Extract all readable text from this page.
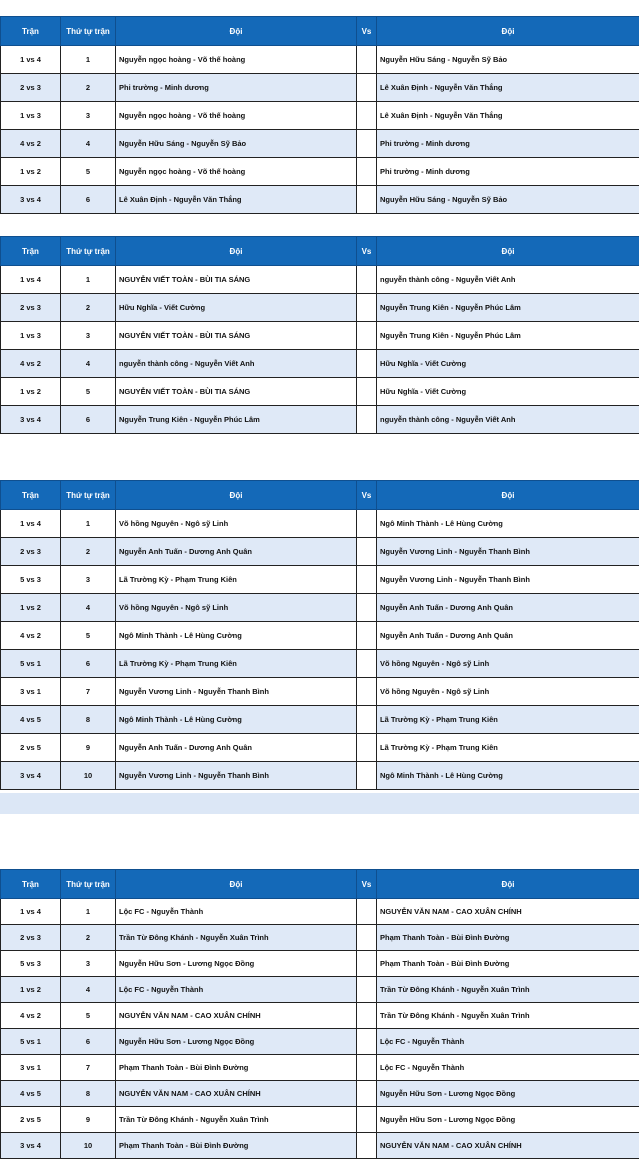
Trận	Thứ tự trận	Đội	Vs	Đội
1 vs 4	1	Nguyễn ngọc hoàng - Võ thế hoàng		Nguyễn Hữu Sáng - Nguyễn Sỹ Bảo
2 vs 3	2	Phi trường - Minh dương		Lê Xuân Định - Nguyễn Văn Thắng
1 vs 3	3	Nguyễn ngọc hoàng - Võ thế hoàng		Lê Xuân Định - Nguyễn Văn Thắng
4 vs 2	4	Nguyễn Hữu Sáng - Nguyễn Sỹ Bảo		Phi trường - Minh dương
1 vs 2	5	Nguyễn ngọc hoàng - Võ thế hoàng		Phi trường - Minh dương
3 vs 4	6	Lê Xuân Định - Nguyễn Văn Thắng		Nguyễn Hữu Sáng - Nguyễn Sỹ Bảo
Trận	Thứ tự trận	Đội	Vs	Đội
1 vs 4	1	NGUYỄN VIẾT TOÀN - BÙI TIA SÁNG		nguyễn thành công - Nguyễn Viết Anh
2 vs 3	2	Hữu Nghĩa - Viết Cường		Nguyễn Trung Kiên - Nguyễn Phúc Lâm
1 vs 3	3	NGUYỄN VIẾT TOÀN - BÙI TIA SÁNG		Nguyễn Trung Kiên - Nguyễn Phúc Lâm
4 vs 2	4	nguyễn thành công - Nguyễn Viết Anh		Hữu Nghĩa - Viết Cường
1 vs 2	5	NGUYỄN VIẾT TOÀN - BÙI TIA SÁNG		Hữu Nghĩa - Viết Cường
3 vs 4	6	Nguyễn Trung Kiên - Nguyễn Phúc Lâm		nguyễn thành công - Nguyễn Viết Anh
Trận	Thứ tự trận	Đội	Vs	Đội
1 vs 4	1	Võ hồng Nguyên - Ngô sỹ Linh		Ngô Minh Thành - Lê Hùng Cường
2 vs 3	2	Nguyễn Anh Tuấn - Dương Anh Quân		Nguyễn Vương Linh - Nguyễn Thanh Bình
5 vs 3	3	Lã Trường Kỳ - Phạm Trung Kiên		Nguyễn Vương Linh - Nguyễn Thanh Bình
1 vs 2	4	Võ hồng Nguyên - Ngô sỹ Linh		Nguyễn Anh Tuấn - Dương Anh Quân
4 vs 2	5	Ngô Minh Thành - Lê Hùng Cường		Nguyễn Anh Tuấn - Dương Anh Quân
5 vs 1	6	Lã Trường Kỳ - Phạm Trung Kiên		Võ hồng Nguyên - Ngô sỹ Linh
3 vs 1	7	Nguyễn Vương Linh - Nguyễn Thanh Bình		Võ hồng Nguyên - Ngô sỹ Linh
4 vs 5	8	Ngô Minh Thành - Lê Hùng Cường		Lã Trường Kỳ - Phạm Trung Kiên
2 vs 5	9	Nguyễn Anh Tuấn - Dương Anh Quân		Lã Trường Kỳ - Phạm Trung Kiên
3 vs 4	10	Nguyễn Vương Linh - Nguyễn Thanh Bình		Ngô Minh Thành - Lê Hùng Cường
Trận	Thứ tự trận	Đội	Vs	Đội
1 vs 4	1	Lộc FC - Nguyễn Thành		NGUYỄN VĂN NAM - CAO XUÂN CHÍNH
2 vs 3	2	Trần Từ Đông Khánh - Nguyễn Xuân Trình		Phạm Thanh Toàn - Bùi Đình Đường
5 vs 3	3	Nguyễn Hữu Sơn - Lương Ngọc Đồng		Phạm Thanh Toàn - Bùi Đình Đường
1 vs 2	4	Lộc FC - Nguyễn Thành		Trần Từ Đông Khánh - Nguyễn Xuân Trình
4 vs 2	5	NGUYỄN VĂN NAM - CAO XUÂN CHÍNH		Trần Từ Đông Khánh - Nguyễn Xuân Trình
5 vs 1	6	Nguyễn Hữu Sơn - Lương Ngọc Đồng		Lộc FC - Nguyễn Thành
3 vs 1	7	Phạm Thanh Toàn - Bùi Đình Đường		Lộc FC - Nguyễn Thành
4 vs 5	8	NGUYỄN VĂN NAM - CAO XUÂN CHÍNH		Nguyễn Hữu Sơn - Lương Ngọc Đồng
2 vs 5	9	Trần Từ Đông Khánh - Nguyễn Xuân Trình		Nguyễn Hữu Sơn - Lương Ngọc Đồng
3 vs 4	10	Phạm Thanh Toàn - Bùi Đình Đường		NGUYỄN VĂN NAM - CAO XUÂN CHÍNH
